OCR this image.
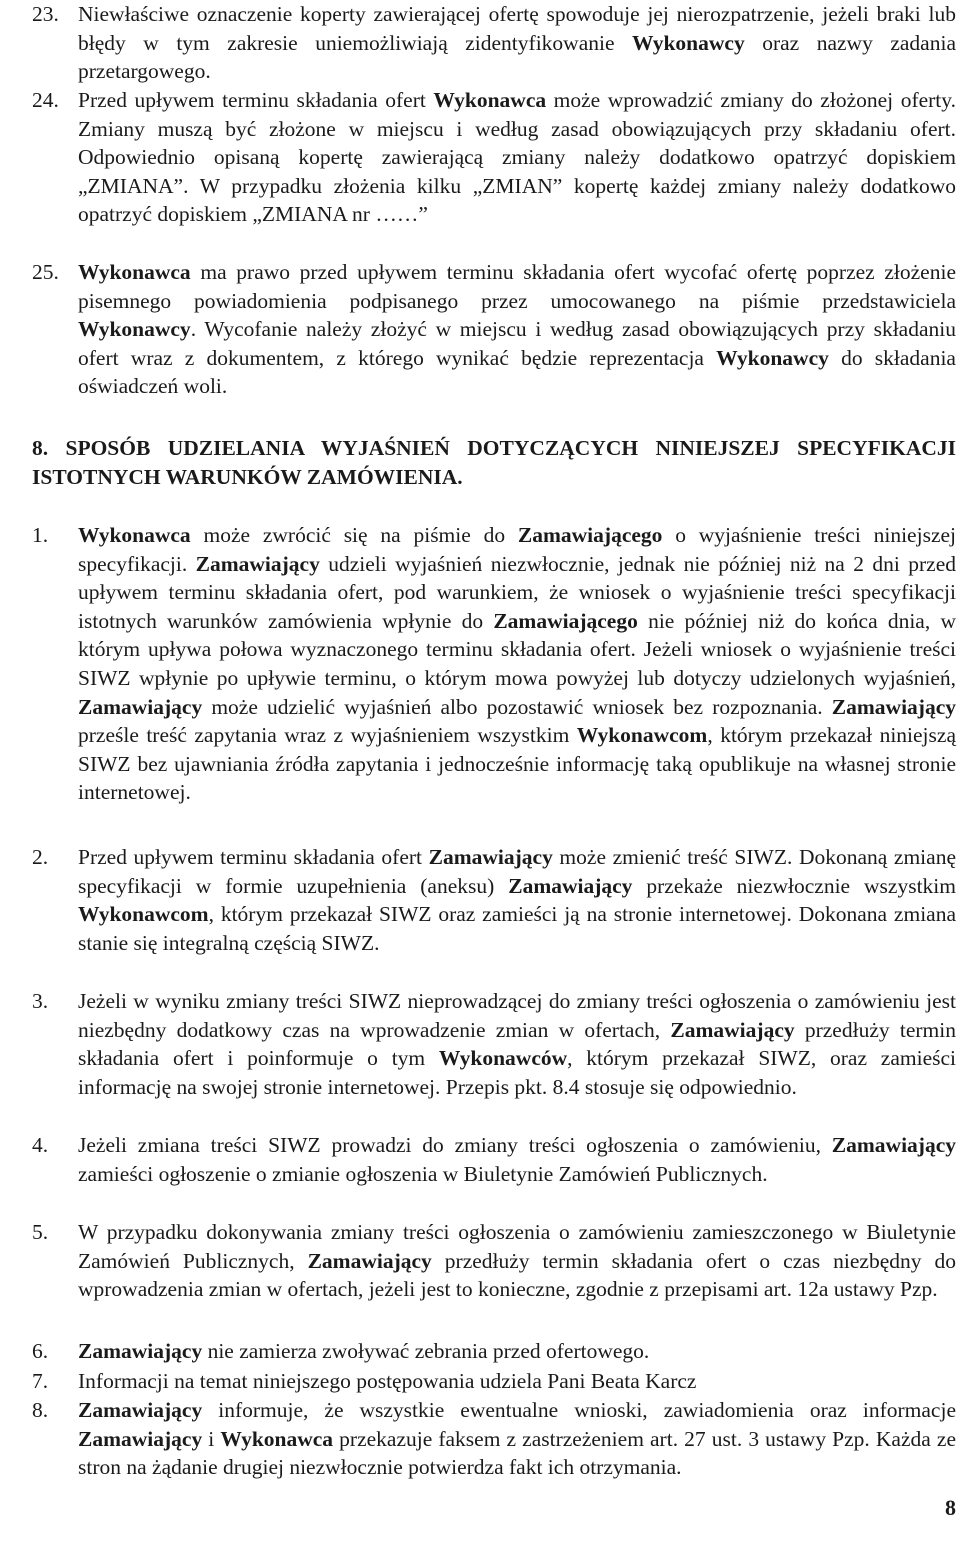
23. Niewłaściwe oznaczenie koperty zawierającej ofertę spowoduje jej nierozpatrzenie, jeżeli braki lub błędy w tym zakresie uniemożliwiają zidentyfikowanie Wykonawcy oraz nazwy zadania przetargowego.
24. Przed upływem terminu składania ofert Wykonawca może wprowadzić zmiany do złożonej oferty. Zmiany muszą być złożone w miejscu i według zasad obowiązujących przy składaniu ofert. Odpowiednio opisaną kopertę zawierającą zmiany należy dodatkowo opatrzyć dopiskiem „ZMIANA”. W przypadku złożenia kilku „ZMIAN” kopertę każdej zmiany należy dodatkowo opatrzyć dopiskiem „ZMIANA nr ……”
25. Wykonawca ma prawo przed upływem terminu składania ofert wycofać ofertę poprzez złożenie pisemnego powiadomienia podpisanego przez umocowanego na piśmie przedstawiciela Wykonawcy. Wycofanie należy złożyć w miejscu i według zasad obowiązujących przy składaniu ofert wraz z dokumentem, z którego wynikać będzie reprezentacja Wykonawcy do składania oświadczeń woli.
8. SPOSÓB UDZIELANIA WYJAŚNIEŃ DOTYCZĄCYCH NINIEJSZEJ SPECYFIKACJI ISTOTNYCH WARUNKÓW ZAMÓWIENIA.
1.	Wykonawca może zwrócić się na piśmie do Zamawiającego o wyjaśnienie treści niniejszej specyfikacji. Zamawiający udzieli wyjaśnień niezwłocznie, jednak nie później niż na 2 dni przed upływem terminu składania ofert, pod warunkiem, że wniosek o wyjaśnienie treści specyfikacji istotnych warunków zamówienia wpłynie do Zamawiającego nie później niż do końca dnia, w którym upływa połowa wyznaczonego terminu składania ofert. Jeżeli wniosek o wyjaśnienie treści SIWZ wpłynie po upływie terminu, o którym mowa powyżej lub dotyczy udzielonych wyjaśnień, Zamawiający może udzielić wyjaśnień albo pozostawić wniosek bez rozpoznania. Zamawiający prześle treść zapytania wraz z wyjaśnieniem wszystkim Wykonawcom, którym przekazał niniejszą SIWZ bez ujawniania źródła zapytania i jednocześnie informację taką opublikuje na własnej stronie internetowej.
2.	Przed upływem terminu składania ofert Zamawiający może zmienić treść SIWZ. Dokonaną zmianę specyfikacji w formie uzupełnienia (aneksu) Zamawiający przekaże niezwłocznie wszystkim Wykonawcom, którym przekazał SIWZ oraz zamieści ją na stronie internetowej. Dokonana zmiana stanie się integralną częścią SIWZ.
3.	Jeżeli w wyniku zmiany treści SIWZ nieprowadzącej do zmiany treści ogłoszenia o zamówieniu jest niezbędny dodatkowy czas na wprowadzenie zmian w ofertach, Zamawiający przedłuży termin składania ofert i poinformuje o tym Wykonawców, którym przekazał SIWZ, oraz zamieści informację na swojej stronie internetowej. Przepis pkt. 8.4 stosuje się odpowiednio.
4.	Jeżeli zmiana treści SIWZ prowadzi do zmiany treści ogłoszenia o zamówieniu, Zamawiający zamieści ogłoszenie o zmianie ogłoszenia w Biuletynie Zamówień Publicznych.
5.	W przypadku dokonywania zmiany treści ogłoszenia o zamówieniu zamieszczonego w Biuletynie Zamówień Publicznych, Zamawiający przedłuży termin składania ofert o czas niezbędny do wprowadzenia zmian w ofertach, jeżeli jest to konieczne, zgodnie z przepisami art. 12a ustawy Pzp.
6.	Zamawiający nie zamierza zwoływać zebrania przed ofertowego.
7.	Informacji na temat niniejszego postępowania udziela Pani Beata Karcz
8.	Zamawiający informuje, że wszystkie ewentualne wnioski, zawiadomienia oraz informacje Zamawiający i Wykonawca przekazuje faksem z zastrzeżeniem art. 27 ust. 3 ustawy Pzp. Każda ze stron na żądanie drugiej niezwłocznie potwierdza fakt ich otrzymania.
8
